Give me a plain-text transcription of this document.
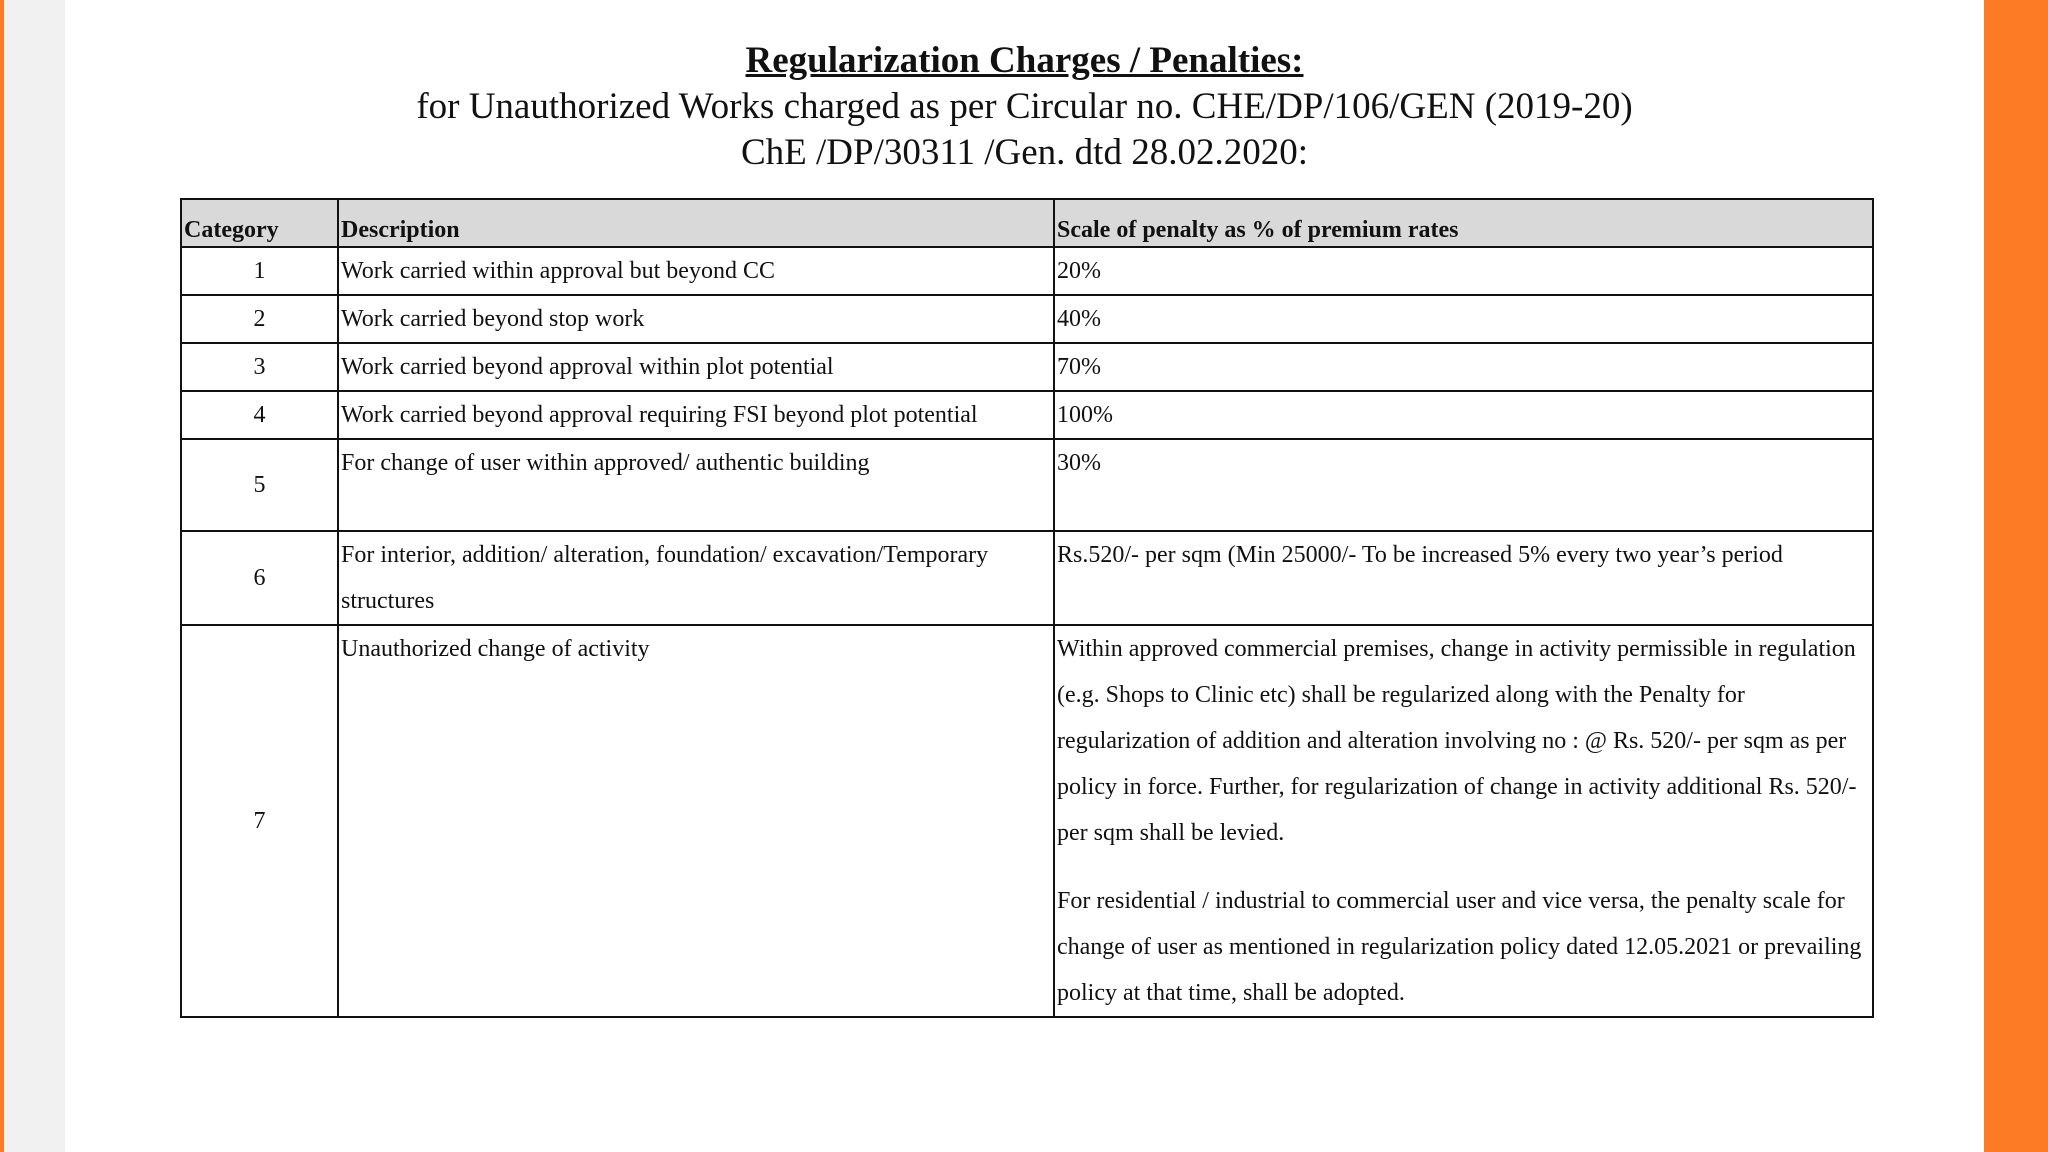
Regularization Charges / Penalties:
for Unauthorized Works charged as per Circular no. CHE/DP/106/GEN (2019-20)
ChE /DP/30311 /Gen. dtd 28.02.2020:
Category	Description	Scale of penalty as % of premium rates
1	Work carried within approval but beyond CC	20%
2	Work carried beyond stop work	40%
3	Work carried beyond approval within plot potential	70%
4	Work carried beyond approval requiring FSI beyond plot potential	100%
5	For change of user within approved/ authentic building	30%
6	For interior, addition/ alteration, foundation/ excavation/Temporary structures	Rs.520/- per sqm (Min 25000/- To be increased 5% every two year’s period
7	Unauthorized change of activity	Within approved commercial premises, change in activity permissible in regulation (e.g. Shops to Clinic etc) shall be regularized along with the Penalty for regularization of addition and alteration involving no : @ Rs. 520/- per sqm as per policy in force. Further, for regularization of change in activity additional Rs. 520/- per sqm shall be levied.
For residential / industrial to commercial user and vice versa, the penalty scale for change of user as mentioned in regularization policy dated 12.05.2021 or prevailing policy at that time, shall be adopted.
